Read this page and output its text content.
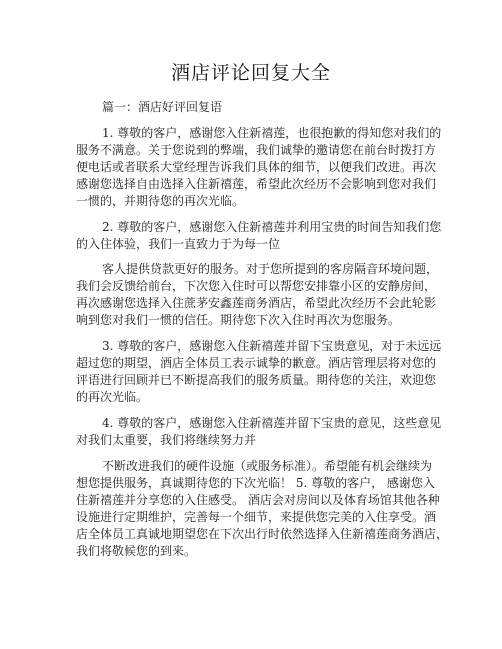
酒店评论回复大全
篇一：酒店好评回复语
1. 尊敬的客户，感谢您入住新禧莲，也很抱歉的得知您对我们的
服务不满意。关于您说到的弊端，我们诚挚的邀请您在前台时拨打方
便电话或者联系大堂经理告诉我们具体的细节，以便我们改进。再次
感谢您选择自由选择入住新禧莲，希望此次经历不会影响到您对我们
一惯的，并期待您的再次光临。
2. 尊敬的客户，感谢您入住新禧莲并利用宝贵的时间告知我们您
的入住体验，我们一直致力于为每一位
客人提供贷款更好的服务。对于您所提到的客房隔音环境问题，
我们会反馈给前台，下次您入住时可以帮您安排靠小区的安静房间，
再次感谢您选择入住蔗茅安鑫莲商务酒店，希望此次经历不会此轮影
响到您对我们一惯的信任。期待您下次入住时再次为您服务。
3. 尊敬的客户，感谢您入住新禧莲并留下宝贵意见，对于未远远
超过您的期望，酒店全体员工表示诚挚的歉意。酒店管理层将对您的
评语进行回顾并已不断提高我们的服务质量。期待您的关注，欢迎您
的再次光临。
4. 尊敬的客户，感谢您入住新禧莲并留下宝贵的意见，这些意见
对我们太重要，我们将继续努力并
不断改进我们的硬件设施（或服务标准）。希望能有机会继续为
想您提供服务，真诚期待您的下次光临！ 5. 尊敬的客户， 感谢您入
住新禧莲并分享您的入住感受。 酒店会对房间以及体育场馆其他各种
设施进行定期维护，完善每一个细节，来提供您完美的入住享受。酒
店全体员工真诚地期望您在下次出行时依然选择入住新禧莲商务酒店，
我们将敬候您的到来。
